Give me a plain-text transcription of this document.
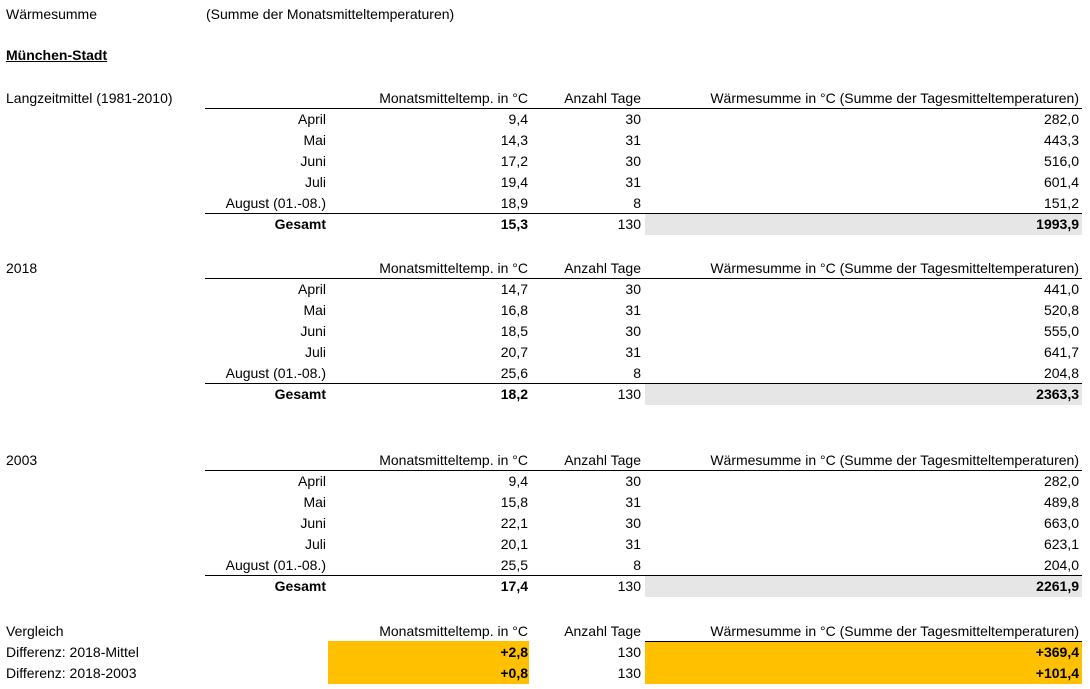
Wärmesumme	(Summe der Monatsmitteltemperaturen)
München-Stadt
Langzeitmittel (1981-2010)	Monatsmitteltemp. in °C	Anzahl Tage	Wärmesumme in °C (Summe der Tagesmitteltemperaturen)
April	9,4	30	282,0
Mai	14,3	31	443,3
Juni	17,2	30	516,0
Juli	19,4	31	601,4
August (01.-08.)	18,9	8	151,2
Gesamt	15,3	130	1993,9
2018	Monatsmitteltemp. in °C	Anzahl Tage	Wärmesumme in °C (Summe der Tagesmitteltemperaturen)
April	14,7	30	441,0
Mai	16,8	31	520,8
Juni	18,5	30	555,0
Juli	20,7	31	641,7
August (01.-08.)	25,6	8	204,8
Gesamt	18,2	130	2363,3
2003	Monatsmitteltemp. in °C	Anzahl Tage	Wärmesumme in °C (Summe der Tagesmitteltemperaturen)
April	9,4	30	282,0
Mai	15,8	31	489,8
Juni	22,1	30	663,0
Juli	20,1	31	623,1
August (01.-08.)	25,5	8	204,0
Gesamt	17,4	130	2261,9
Vergleich	Monatsmitteltemp. in °C	Anzahl Tage	Wärmesumme in °C (Summe der Tagesmitteltemperaturen)
Differenz: 2018-Mittel	+2,8	130	+369,4
Differenz: 2018-2003	+0,8	130	+101,4
